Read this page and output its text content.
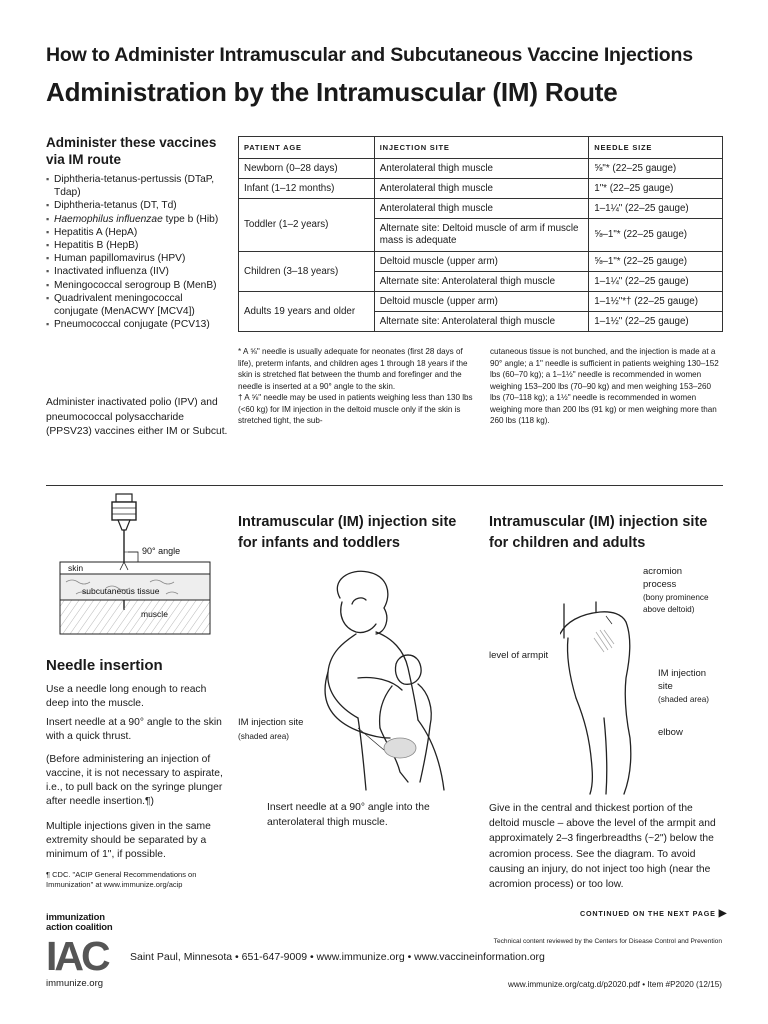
How to Administer Intramuscular and Subcutaneous Vaccine Injections
Administration by the Intramuscular (IM) Route
Administer these vaccines via IM route
▪ Diphtheria-tetanus-pertussis (DTaP, Tdap)
▪ Diphtheria-tetanus (DT, Td)
▪ Haemophilus influenzae type b (Hib)
▪ Hepatitis A (HepA)
▪ Hepatitis B (HepB)
▪ Human papillomavirus (HPV)
▪ Inactivated influenza (IIV)
▪ Meningococcal serogroup B (MenB)
▪ Quadrivalent meningococcal conjugate (MenACWY [MCV4])
▪ Pneumococcal conjugate (PCV13)
Administer inactivated polio (IPV) and pneumococcal polysaccharide (PPSV23) vaccines either IM or Subcut.
PATIENT AGE	INJECTION SITE	NEEDLE SIZE
Newborn (0–28 days)	Anterolateral thigh muscle	⅝"* (22–25 gauge)
Infant (1–12 months)	Anterolateral thigh muscle	1"* (22–25 gauge)
Toddler (1–2 years)	Anterolateral thigh muscle	1–1¼" (22–25 gauge)
	Alternate site: Deltoid muscle of arm if muscle mass is adequate	⅝–1"* (22–25 gauge)
Children (3–18 years)	Deltoid muscle (upper arm)	⅝–1"* (22–25 gauge)
	Alternate site: Anterolateral thigh muscle	1–1¼" (22–25 gauge)
Adults 19 years and older	Deltoid muscle (upper arm)	1–1½"*† (22–25 gauge)
	Alternate site: Anterolateral thigh muscle	1–1½" (22–25 gauge)
* A ⅝" needle is usually adequate for neonates (first 28 days of life), preterm infants, and children ages 1 through 18 years if the skin is stretched flat between the thumb and forefinger and the needle is inserted at a 90° angle to the skin.
† A ⅝" needle may be used in patients weighing less than 130 lbs (<60 kg) for IM injection in the deltoid muscle only if the skin is stretched tight, the sub-
cutaneous tissue is not bunched, and the injection is made at a 90° angle; a 1" needle is sufficient in patients weighing 130–152 lbs (60–70 kg); a 1–1½" needle is recommended in women weighing 153–200 lbs (70–90 kg) and men weighing 153–260 lbs (70–118 kg); a 1½" needle is recommended in women weighing more than 200 lbs (91 kg) or men weighing more than 260 lbs (118 kg).
90° angle
skin
subcutaneous tissue
muscle
Needle insertion
Use a needle long enough to reach deep into the muscle.
Insert needle at a 90° angle to the skin with a quick thrust.
(Before administering an injection of vaccine, it is not necessary to aspirate, i.e., to pull back on the syringe plunger after needle insertion.¶)
Multiple injections given in the same extremity should be separated by a minimum of 1", if possible.
¶ CDC. "ACIP General Recommendations on Immunization" at www.immunize.org/acip
Intramuscular (IM) injection site for infants and toddlers
IM injection site
(shaded area)
Insert needle at a 90° angle into the anterolateral thigh muscle.
Intramuscular (IM) injection site for children and adults
acromion
process
(bony prominence
above deltoid)
level of armpit
IM injection
site
(shaded area)
elbow
Give in the central and thickest portion of the deltoid muscle – above the level of the armpit and approximately 2–3 fingerbreadths (~2") below the acromion process. See the diagram. To avoid causing an injury, do not inject too high (near the acromion process) or too low.
CONTINUED ON THE NEXT PAGE ▶
immunization
action coalition
IAC
immunize.org
Technical content reviewed by the Centers for Disease Control and Prevention
Saint Paul, Minnesota • 651-647-9009 • www.immunize.org • www.vaccineinformation.org
www.immunize.org/catg.d/p2020.pdf • Item #P2020 (12/15)
